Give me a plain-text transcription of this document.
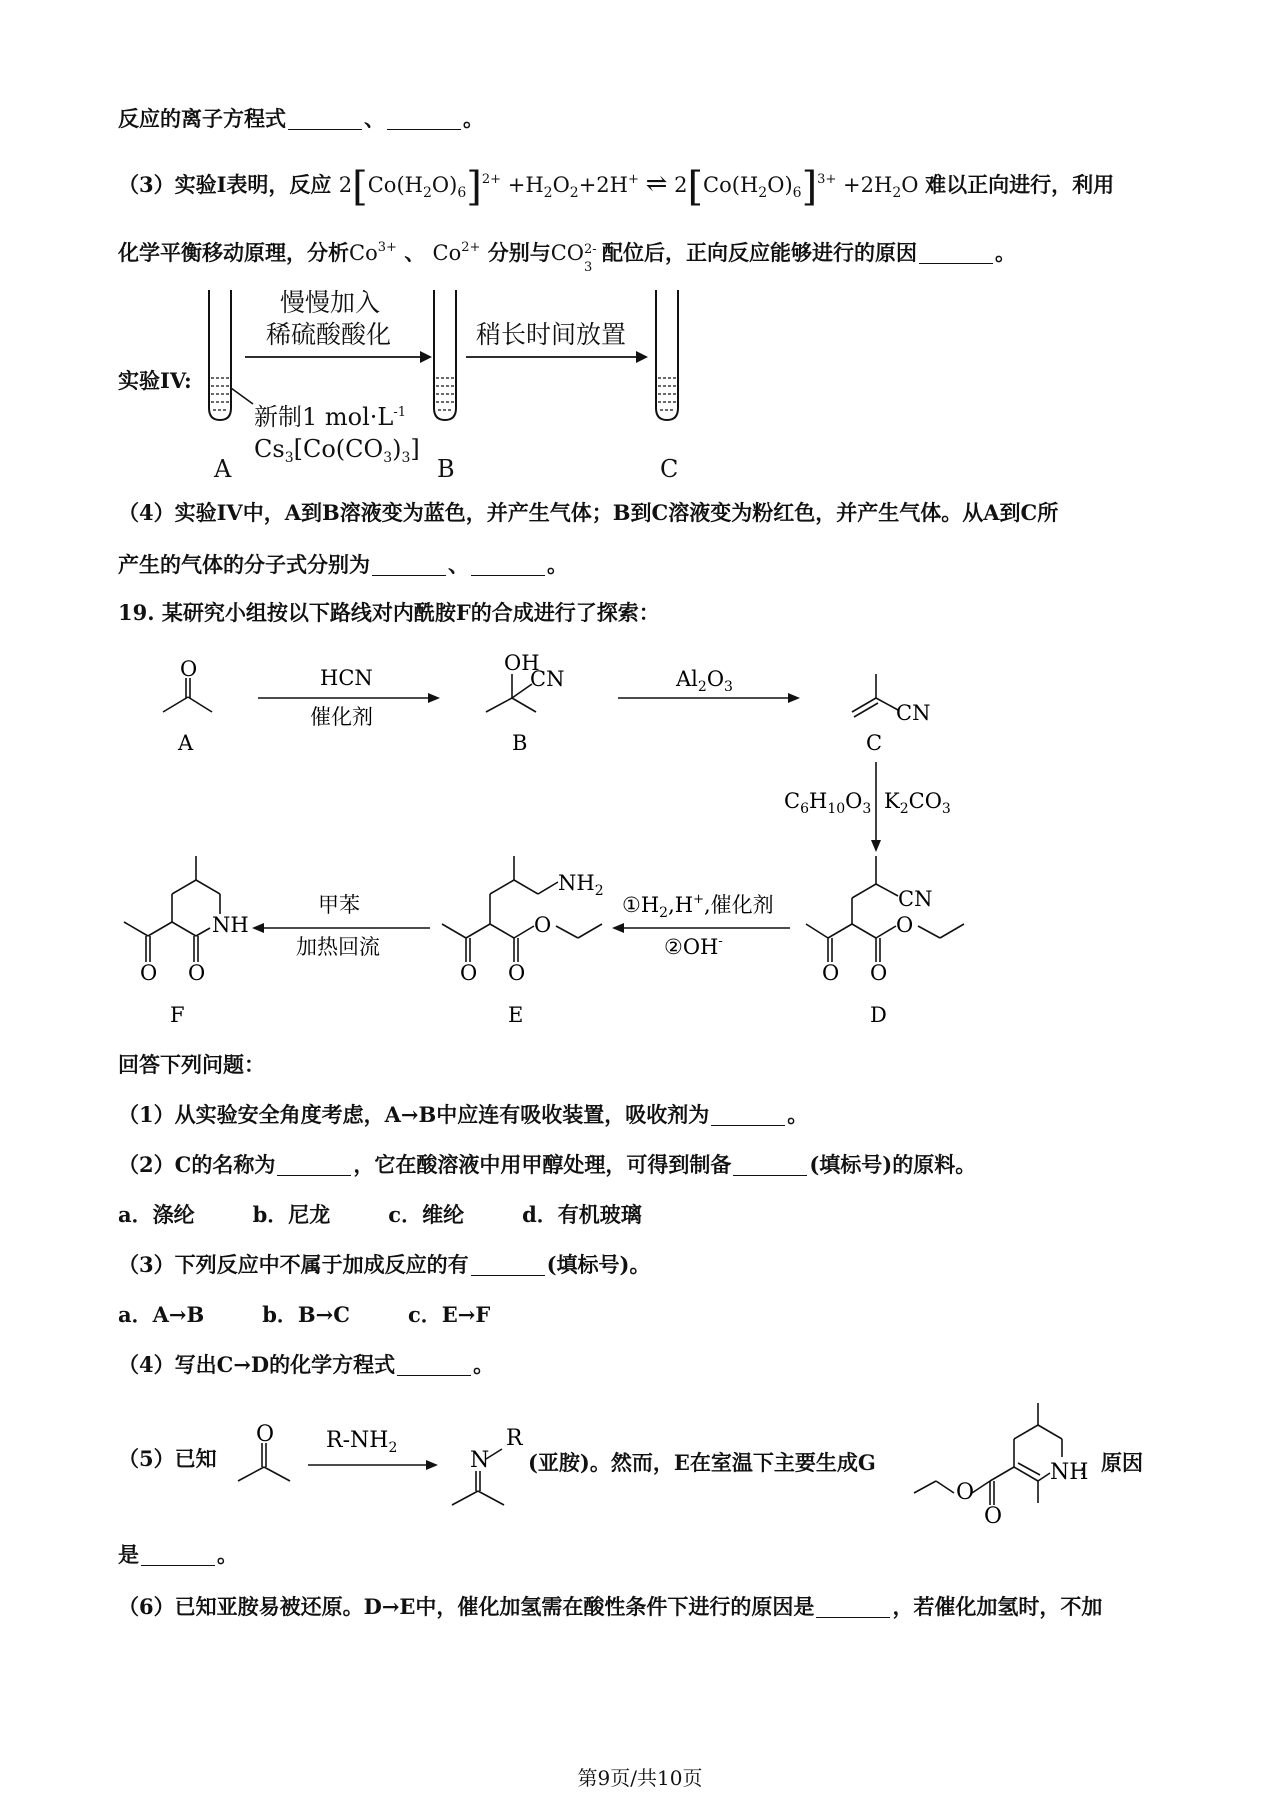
反应的离子方程式	、	。
（3）实验I表明，反应 $2[Co(H_2O)_6]^{2+} +H_2O_2+2H^+$ ⇌ $2[Co(H_2O)_6]^{3+} +2H_2O$ 难以正向进行，利用
化学平衡移动原理，分析$Co^{3+}$ 、 $Co^{2+}$ 分别与CO 2-
3
配位后，正向反应能够进行的原因	。
实验IV:
慢慢加入
稀硫酸酸化	稍长时间放置
新制1 $mol\cdot L^{-1}$
$Cs_3[Co(CO_3)_3]$
A	B	C
（4）实验IV中，A到B溶液变为蓝色，并产生气体；B到C溶液变为粉红色，并产生气体。从A到C所
产生的气体的分子式分别为	、	。
19. 某研究小组按以下路线对内酰胺F的合成进行了探索：
O
A
HCN
催化剂
OH
CN
B
$Al_2O_3$
CN
C
$C_6H_{10}O_3$ $K_2CO_3$
CN
O
O O
D
$①H_2,H^+$,催化剂
②OH-
$NH_2$
O
O O
E
甲苯
加热回流
NH
O O
F
回答下列问题：
（1）从实验安全角度考虑，A→B中应连有吸收装置，吸收剂为	。
（2）C的名称为	，它在酸溶液中用甲醇处理，可得到制备	(填标号)的原料。
a．涤纶	b．尼龙	c．维纶	d．有机玻璃
（3）下列反应中不属于加成反应的有	(填标号)。
a．A→B	b．B→C	c．E→F
（4）写出C→D的化学方程式	。
（5）已知
O $R-NH_2$	N
R
O
O
NH
(亚胺)。然而，E在室温下主要生成G	，原因
是	。
（6）已知亚胺易被还原。D→E中，催化加氢需在酸性条件下进行的原因是	，若催化加氢时，不加
第9页/共10页
